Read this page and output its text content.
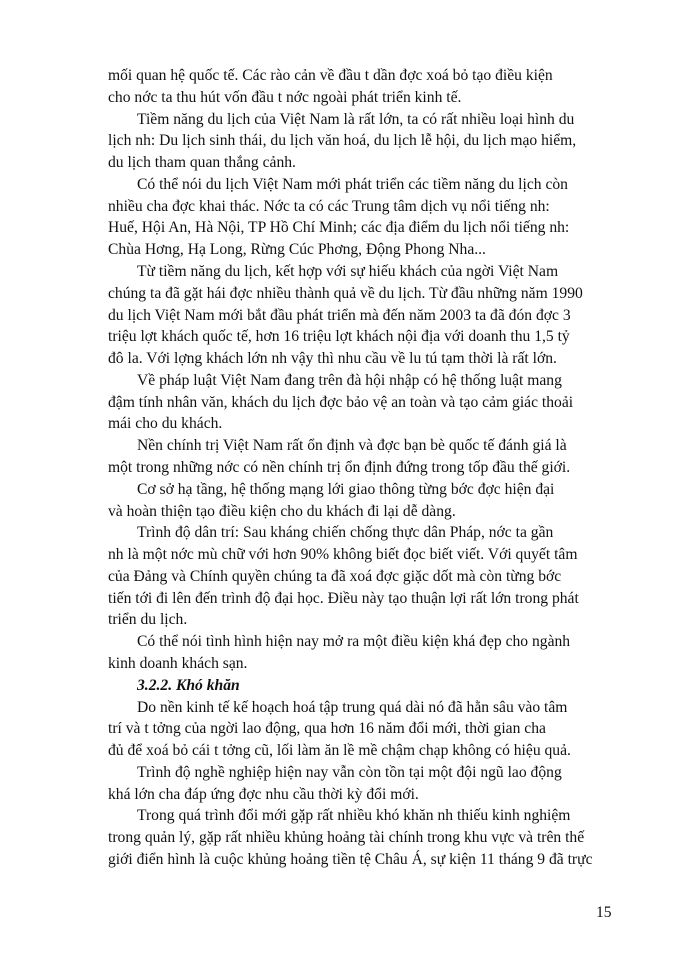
mối quan hệ quốc tế. Các rào cản về đầu t dần đợc xoá bỏ tạo điều kiện
cho nớc ta thu hút vốn đầu t nớc ngoài phát triển kinh tế.
Tiềm năng du lịch của Việt Nam là rất lớn, ta có rất nhiều loại hình du
lịch nh: Du lịch sinh thái, du lịch văn hoá, du lịch lễ hội, du lịch mạo hiểm,
du lịch tham quan thắng cảnh.
Có thể nói du lịch Việt Nam mới phát triển các tiềm năng du lịch còn
nhiều cha đợc khai thác. Nớc ta có các Trung tâm dịch vụ nổi tiếng nh:
Huế, Hội An, Hà Nội, TP Hồ Chí Minh; các địa điểm du lịch nổi tiếng nh:
Chùa Hơng, Hạ Long, Rừng Cúc Phơng, Động Phong Nha...
Từ tiềm năng du lịch, kết hợp với sự hiếu khách của ngời Việt Nam
chúng ta đã gặt hái đợc nhiều thành quả về du lịch. Từ đầu những năm 1990
du lịch Việt Nam mới bắt đầu phát triển mà đến năm 2003 ta đã đón đợc 3
triệu lợt khách quốc tế, hơn 16 triệu lợt khách nội địa với doanh thu 1,5 tỷ
đô la. Với lợng khách lớn nh vậy thì nhu cầu về lu tú tạm thời là rất lớn.
Về pháp luật Việt Nam đang trên đà hội nhập có hệ thống luật mang
đậm tính nhân văn, khách du lịch đợc bảo vệ an toàn và tạo cảm giác thoải
mái cho du khách.
Nền chính trị Việt Nam rất ổn định và đợc bạn bè quốc tế đánh giá là
một trong những nớc có nền chính trị ổn định đứng trong tốp đầu thế giới.
Cơ sở hạ tầng, hệ thống mạng lới giao thông từng bớc đợc hiện đại
và hoàn thiện tạo điều kiện cho du khách đi lại dễ dàng.
Trình độ dân trí: Sau kháng chiến chống thực dân Pháp, nớc ta gần
nh là một nớc mù chữ với hơn 90% không biết đọc biết viết. Với quyết tâm
của Đảng và Chính quyền chúng ta đã xoá đợc giặc dốt mà còn từng bớc
tiến tới đi lên đến trình độ đại học. Điều này tạo thuận lợi rất lớn trong phát
triển du lịch.
Có thể nói tình hình hiện nay mở ra một điều kiện khá đẹp cho ngành
kinh doanh khách sạn.
3.2.2. Khó khăn
Do nền kinh tế kế hoạch hoá tập trung quá dài nó đã hằn sâu vào tâm
trí và t tởng của ngời lao động, qua hơn 16 năm đổi mới, thời gian cha
đủ để xoá bỏ cái t tởng cũ, lối làm ăn lề mề chậm chạp không có hiệu quả.
Trình độ nghề nghiệp hiện nay vẫn còn tồn tại một đội ngũ lao động
khá lớn cha đáp ứng đợc nhu cầu thời kỳ đổi mới.
Trong quá trình đổi mới gặp rất nhiều khó khăn nh thiếu kinh nghiệm
trong quản lý, gặp rất nhiều khủng hoảng tài chính trong khu vực và trên thế
giới điển hình là cuộc khủng hoảng tiền tệ Châu Á, sự kiện 11 tháng 9 đã trực
15
